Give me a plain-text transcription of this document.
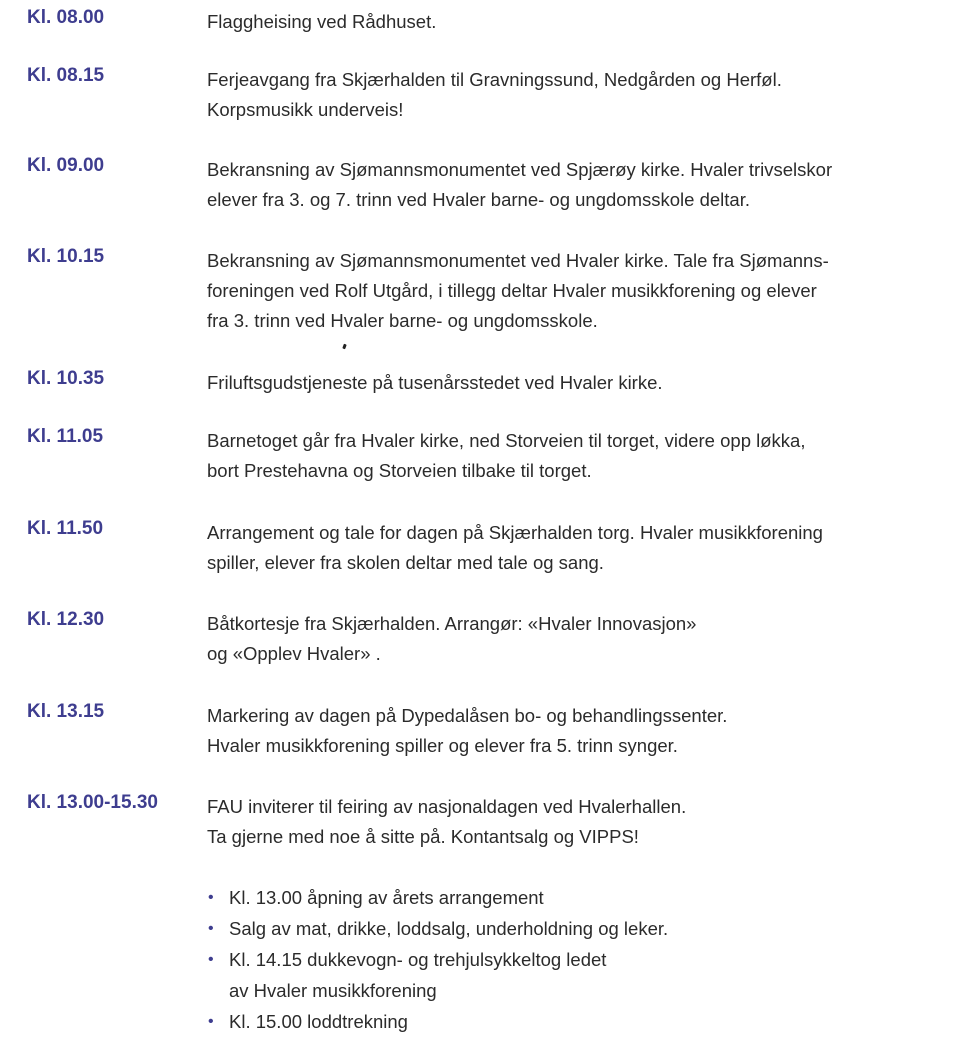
Kl. 08.00	Flaggheising ved Rådhuset.
Kl. 08.15	Ferjeavgang fra Skjærhalden til Gravningssund, Nedgården og Herføl.
Korpsmusikk underveis!
Kl. 09.00	Bekransning av Sjømannsmonumentet ved Spjærøy kirke. Hvaler trivselskor
elever fra 3. og 7. trinn ved Hvaler barne- og ungdomsskole deltar.
Kl. 10.15	Bekransning av Sjømannsmonumentet ved Hvaler kirke. Tale fra Sjømanns-
foreningen ved Rolf Utgård, i tillegg deltar Hvaler musikkforening og elever
fra 3. trinn ved Hvaler barne- og ungdomsskole.
Kl. 10.35	Friluftsgudstjeneste på tusenårsstedet ved Hvaler kirke.
Kl. 11.05	Barnetoget går fra Hvaler kirke, ned Storveien til torget, videre opp løkka,
bort Prestehavna og Storveien tilbake til torget.
Kl. 11.50	Arrangement og tale for dagen på Skjærhalden torg. Hvaler musikkforening
spiller, elever fra skolen deltar med tale og sang.
Kl. 12.30	Båtkortesje fra Skjærhalden. Arrangør: «Hvaler Innovasjon»
og «Opplev Hvaler» .
Kl. 13.15	Markering av dagen på Dypedalåsen bo- og behandlingssenter.
Hvaler musikkforening spiller og elever fra 5. trinn synger.
Kl. 13.00-15.30	FAU inviterer til feiring av nasjonaldagen ved Hvalerhallen.
Ta gjerne med noe å sitte på. Kontantsalg og VIPPS!
• Kl. 13.00 åpning av årets arrangement
• Salg av mat, drikke, loddsalg, underholdning og leker.
• Kl. 14.15 dukkevogn- og trehjulsykkeltog ledet
av Hvaler musikkforening
• Kl. 15.00 loddtrekning
